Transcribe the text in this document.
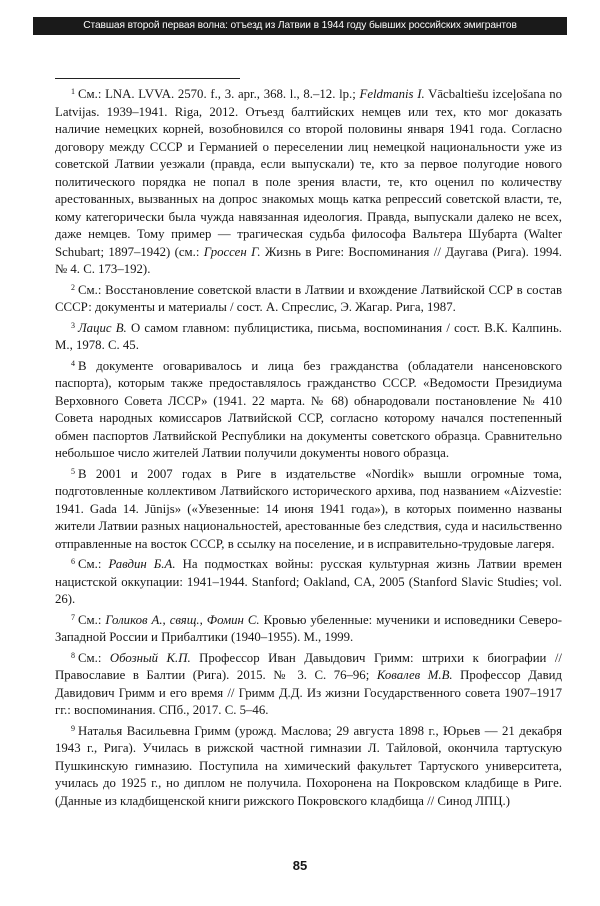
Ставшая второй первая волна: отъезд из Латвии в 1944 году бывших российских эмигрантов

$^1$ См.: LNA. LVVA. 2570. f., 3. apr., 368. l., 8.–12. lp.; Feldmanis I. Vācbaltiešu izceļošana no Latvijas. 1939–1941. Riga, 2012. Отъезд балтийских немцев или тех, кто мог доказать наличие немецких корней, возобновился со второй половины января 1941 года. Согласно договору между СССР и Германией о переселении лиц немецкой национальности уже из советской Латвии уезжали (правда, если выпускали) те, кто за первое полугодие нового политического порядка не попал в поле зрения власти, те, кто оценил по количеству арестованных, вызванных на допрос знакомых мощь катка репрессий советской власти, те, кому категорически была чужда навязанная идеология. Правда, выпускали далеко не всех, даже немцев. Тому пример — трагическая судьба философа Вальтера Шубарта (Walter Schubart; 1897–1942) (см.: Гроссен Г. Жизнь в Риге: Воспоминания // Даугава (Рига). 1994. № 4. С. 173–192).

$^2$ См.: Восстановление советской власти в Латвии и вхождение Латвийской ССР в состав СССР: документы и материалы / сост. А. Спреслис, Э. Жагар. Рига, 1987.

$^3$ Лацис В. О самом главном: публицистика, письма, воспоминания / сост. В.К. Калпинь. М., 1978. С. 45.

$^4$ В документе оговаривалось и лица без гражданства (обладатели нансеновского паспорта), которым также предоставлялось гражданство СССР. «Ведомости Президиума Верховного Совета ЛССР» (1941. 22 марта. № 68) обнародовали постановление № 410 Совета народных комиссаров Латвийской ССР, согласно которому начался постепенный обмен паспортов Латвийской Республики на документы советского образца. Сравнительно небольшое число жителей Латвии получили документы нового образца.

$^5$ В 2001 и 2007 годах в Риге в издательстве «Nordik» вышли огромные тома, подготовленные коллективом Латвийского исторического архива, под названием «Aizvestie: 1941. Gada 14. Jūnijs» («Увезенные: 14 июня 1941 года»), в которых поименно названы жители Латвии разных национальностей, арестованные без следствия, суда и насильственно отправленные на восток СССР, в ссылку на поселение, и в исправительно-трудовые лагеря.

$^6$ См.: Равдин Б.А. На подмостках войны: русская культурная жизнь Латвии времен нацистской оккупации: 1941–1944. Stanford; Oakland, CA, 2005 (Stanford Slavic Studies; vol. 26).

$^7$ См.: Голиков А., свящ., Фомин С. Кровью убеленные: мученики и исповедники Северо-Западной России и Прибалтики (1940–1955). М., 1999.

$^8$ См.: Обозный К.П. Профессор Иван Давыдович Гримм: штрихи к биографии // Православие в Балтии (Рига). 2015. № 3. С. 76–96; Ковалев М.В. Профессор Давид Давидович Гримм и его время // Гримм Д.Д. Из жизни Государственного совета 1907–1917 гг.: воспоминания. СПб., 2017. С. 5–46.

$^9$ Наталья Васильевна Гримм (урожд. Маслова; 29 августа 1898 г., Юрьев — 21 декабря 1943 г., Рига). Училась в рижской частной гимназии Л. Тайловой, окончила тартускую Пушкинскую гимназию. Поступила на химический факультет Тартуского университета, училась до 1925 г., но диплом не получила. Похоронена на Покровском кладбище в Риге. (Данные из кладбищенской книги рижского Покровского кладбища // Синод ЛПЦ.)

85
